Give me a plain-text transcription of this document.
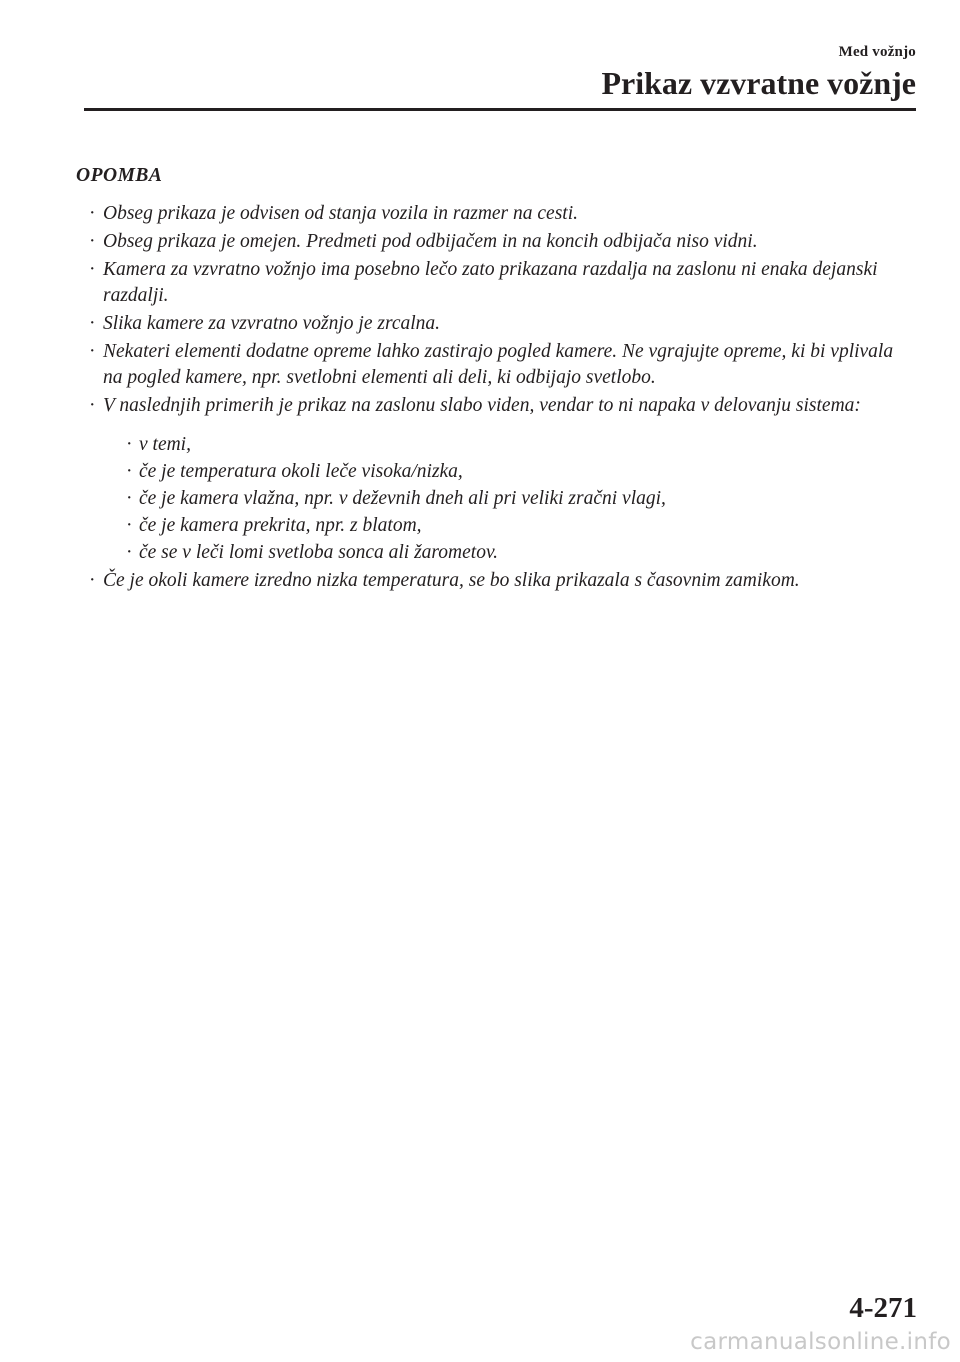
Med vožnjo
Prikaz vzvratne vožnje
OPOMBA
· Obseg prikaza je odvisen od stanja vozila in razmer na cesti.
· Obseg prikaza je omejen. Predmeti pod odbijačem in na koncih odbijača niso vidni.
· Kamera za vzvratno vožnjo ima posebno lečo zato prikazana razdalja na zaslonu ni enaka dejanski razdalji.
· Slika kamere za vzvratno vožnjo je zrcalna.
· Nekateri elementi dodatne opreme lahko zastirajo pogled kamere. Ne vgrajujte opreme, ki bi vplivala na pogled kamere, npr. svetlobni elementi ali deli, ki odbijajo svetlobo.
· V naslednjih primerih je prikaz na zaslonu slabo viden, vendar to ni napaka v delovanju sistema:
· v temi,
· če je temperatura okoli leče visoka/nizka,
· če je kamera vlažna, npr. v deževnih dneh ali pri veliki zračni vlagi,
· če je kamera prekrita, npr. z blatom,
· če se v leči lomi svetloba sonca ali žarometov.
· Če je okoli kamere izredno nizka temperatura, se bo slika prikazala s časovnim zamikom.
4-271
carmanualsonline.info
